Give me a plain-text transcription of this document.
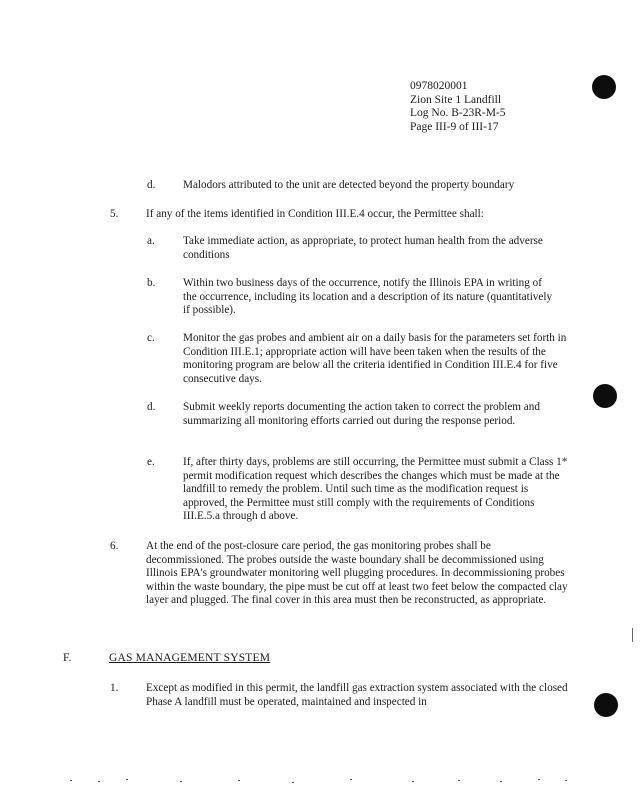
0978020001
Zion Site 1 Landfill
Log No. B-23R-M-5
Page III-9 of III-17
d. Malodors attributed to the unit are detected beyond the property boundary
5. If any of the items identified in Condition III.E.4 occur, the Permittee shall:
a.	Take immediate action, as appropriate, to protect human health from the adverse conditions
b. Within two business days of the occurrence, notify the Illinois EPA in writing of the occurrence, including its location and a description of its nature (quantitatively if possible).
c.	Monitor the gas probes and ambient air on a daily basis for the parameters set forth in Condition III.E.1; appropriate action will have been taken when the results of the monitoring program are below all the criteria identified in Condition III.E.4 for five consecutive days.
d. Submit weekly reports documenting the action taken to correct the problem and summarizing all monitoring efforts carried out during the response period.
e.	If, after thirty days, problems are still occurring, the Permittee must submit a Class 1* permit modification request which describes the changes which must be made at the landfill to remedy the problem. Until such time as the modification request is approved, the Permittee must still comply with the requirements of Conditions III.E.5.a through d above.
6. At the end of the post-closure care period, the gas monitoring probes shall be decommissioned. The probes outside the waste boundary shall be decommissioned using Illinois EPA's groundwater monitoring well plugging procedures. In decommissioning probes within the waste boundary, the pipe must be cut off at least two feet below the compacted clay layer and plugged. The final cover in this area must then be reconstructed, as appropriate.
F.	GAS MANAGEMENT SYSTEM
1. Except as modified in this permit, the landfill gas extraction system associated with the closed Phase A landfill must be operated, maintained and inspected in
